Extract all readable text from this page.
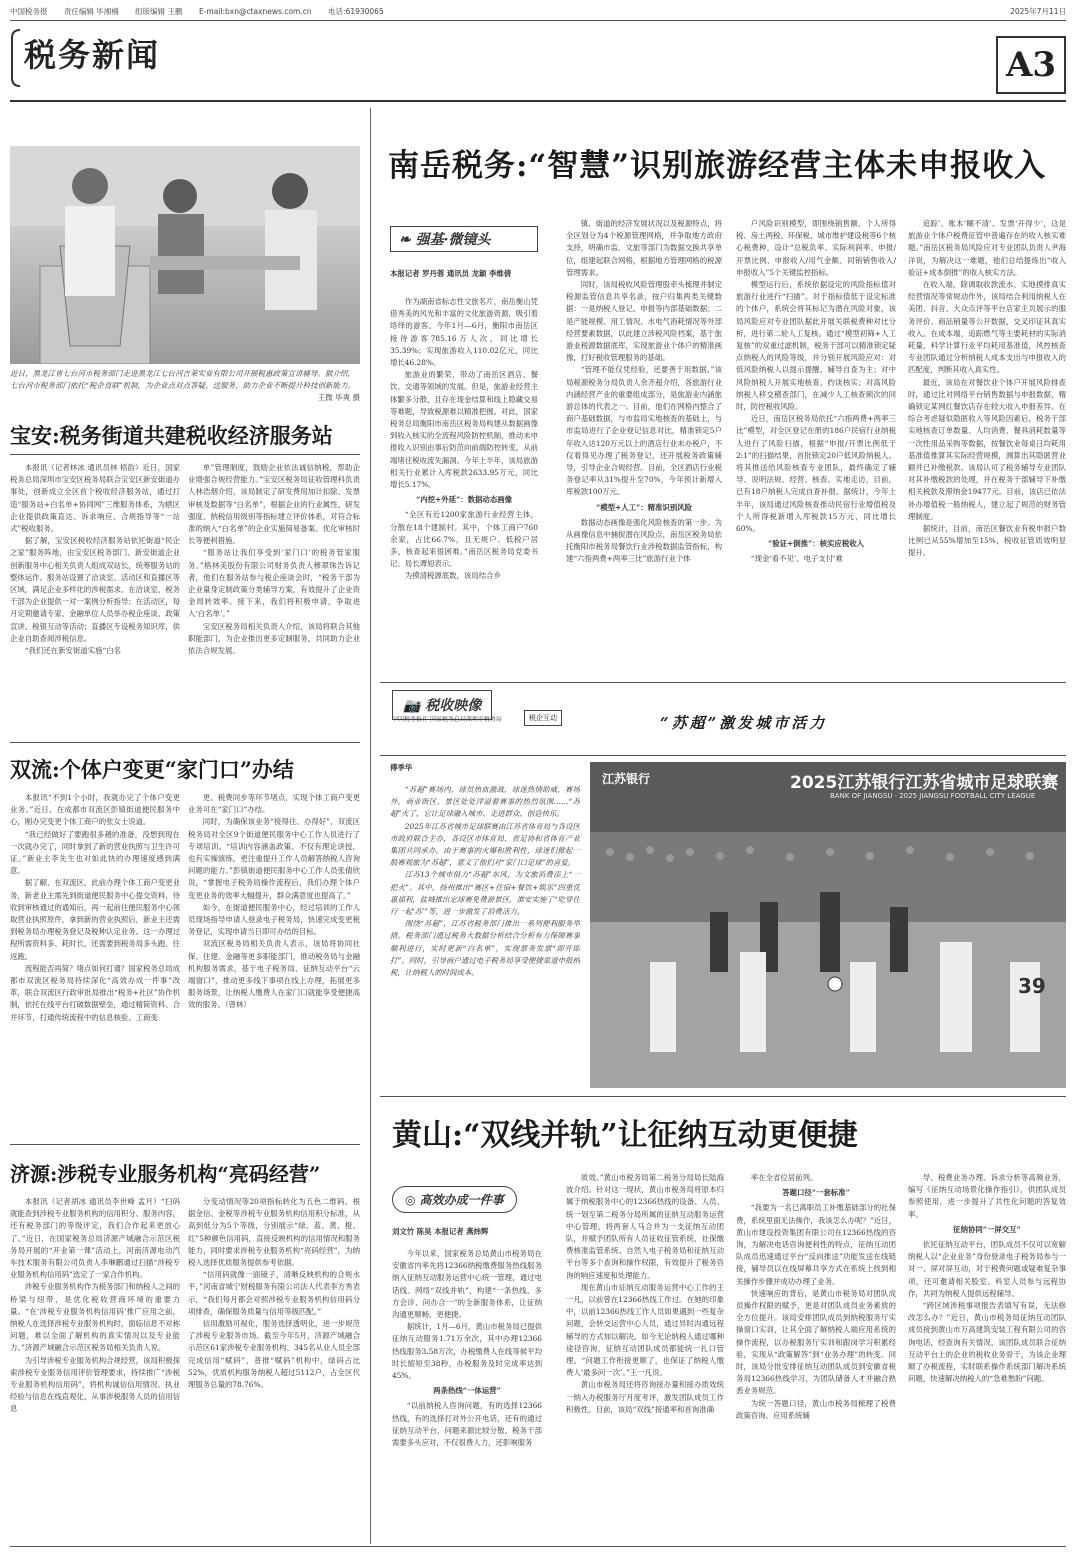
中国税务报 责任编辑 毕湘楠 组版编辑 王鹏 E-mail:bxn@ctaxnews.com.cn 电话:61930065	2025年7月11日
税务新闻	A3
近日，黑龙江省七台河市税务部门走进黑龙江七台河吉莱实业有限公司开展税惠政策宣讲辅导。据介绍，七台河市税务部门依托“税企直联”机制，为企业点对点答疑、送服务，助力企业不断提升科技创新能力。
王微 毕爽 摄
宝安:税务街道共建税收经济服务站

本报讯（记者林冰 通讯员林 梧韵）近日，国家税务总局深圳市宝安区税务局联合宝安区新安街道办事处，创新成立全区首个税收经济服务站，通过打造“服务站+白名单+协同网”三维服务体系，为辖区企业提供政策直达、诉求响应、合规指导等“一站式”税收服务。

据了解，宝安区税收经济服务站依托街道“民企之家”服务阵地，由宝安区税务部门、新安街道企业创新服务中心相关负责人组成双站长，统筹服务站的整体运作。服务站设置了洽谈室、活动区和直播区等区域，满足企业多样化的涉税需求。在洽谈室，税务干部为企业提供一对一案例分析指导；在活动区，每月定期邀请专家、金融单位人员举办税企座谈、政策宣讲、税银互动等活动；直播区专设税务知识库，供企业自助查阅涉税信息。

“我们还在新安街道实施“白名

单”管理制度，鼓励企业依法诚信纳税，帮助企业增强合规经营能力。”宝安区税务局征收管理科负责人林浩烟介绍，该局制定了研发费用加计扣除、发票审核及数据等“白名单”，根据企业的行业属性、研发强度、纳税信用级别等指标建立评价体系，对符合标准的纳入“白名单”的企业实施简易备案、优化审核时长等便利措施。

“服务站让我们享受到‘家门口’的税务管家服务。”格林美股份有限公司财务负责人穆翠珠告诉记者，他们在服务站参与税企座谈会时，“税务干部为企业量身定制政策分类辅导方案，有效提升了企业资金周转效率。接下来，我们将积极申请，争取进入‘白名单’。”

宝安区税务局相关负责人介绍，该局将联合其他职能部门，为企业推出更多定制服务，共同助力企业依法合规发展。

双流:个体户变更“家门口”办结

本报讯“不到1个小时，我就办完了个体户变更业务。”近日，在成都市双流区彭镇街道便民服务中心，刚办完变更个体工商户的张女士说道。

“我已经做好了要跑很多趟的准备，没想到现在一次就办完了，同时拿到了新的营业执照与卫生许可证。”新业主李先生也对如此快的办理速度感到满意。

据了解，在双流区，此前办理个体工商户变更业务，新老业主需先到街道便民服务中心提交资料，待收到审核通过的通知后，再一起前往便民服务中心领取营业执照原件，拿到新的营业执照后，新业主还需到税务局办理税务登记及税种认定业务。这一办理过程所需资料多、耗时长，还需要到税务局多头跑、往返跑。

流程能否再简？堵点如何打通？国家税务总局成都市双流区税务局持续深化“高效办成一件事”改革，联合双流区行政审批局推出“税务+社区”协作机制，依托在线平台打破数据壁垒，通过精简资料、合并环节，打通传统流程中的信息核验、工商变

更、税费同步等环节堵点，实现个体工商户变更业务可在“家门口”办结。

同时，为确保该业务“接得住、办得好”，双流区税务局对全区9个街道便民服务中心工作人员进行了专项培训。“培训内容涵盖政策、不仅有理论讲授，也有实操演练，更注重提升工作人员解答纳税人咨询问题的能力。”彭镇街道便民服务中心工作人员张倩欣说，“掌握电子税务局操作流程后，我们办理个体户变更业务的效率大幅提升，群众满意度也提高了。”

如今，在街道便民服务中心，经过培训的工作人员现场指导申请人登录电子税务局，快速完成变更税务登记，实现申请当日即可办结的目标。

双流区税务局相关负责人表示，该局将协同社保、住建、金融等更多职能部门，推动税务局与金融机构服务需求，基于电子税务局、征纳互动平台“云端窗口”，推动更多线下事项在线上办理，拓展更多服务场景，让纳税人缴费人在家门口就能享受便捷高效的服务。（曾林）

济源:涉税专业服务机构“亮码经营”

本报讯（记者胡冰 通讯员李世峰 孟月）“扫码就能查到涉税专业服务机构的信用积分、服务内容，还有税务部门的等级评定，我们合作起来更放心了。”近日，在国家税务总局济源产城融合示范区税务局开展的“开业第一课”活动上，河南济源电动汽车技术服务有限公司负责人李琳鹏通过扫描“涉税专业服务机构信用码”选定了一家合作机构。

涉税专业服务机构作为税务部门和纳税人之间的桥梁与纽带，是优化税收营商环境的重要力量。“在‘涉税专业服务机构信用码’推广应用之前，纳税人在选择涉税专业服务机构时，面临信息不对称问题，难以全面了解机构的真实情况以及专业能力。”济源产城融合示范区税务局相关负责人说。

为引导涉税专业服务机构合规经营，该局积极探索涉税专业服务信用评价管理要求，持续推广“涉税专业服务机构信用码”，将机构诚信信用情况、执业经验与信息在线直观化，从事涉税服务人员的信用信息

分变动情况等20项指标转化为五色二维码。根据金信、金税等涉税专业服务机构信用积分标准，从高到低分为5个等级，分别展示“绿、蓝、黄、橙、红”5种颜色信用码，直接反映机构的信用情况和服务能力，同时要求涉税专业服务机构“亮码经营”，为纳税人选择优质服务提供参考依据。

“信用码就像一面镜子，清晰反映机构的合规水平，”河南省城宁财税服务有限公司法人代表李方秀表示，“我们每月都会对照涉税专业服务机构信用码分项排查，确保服务质量与信用等级匹配。”

信用激励可视化，服务选择透明化，进一步规范了涉税专业服务市场。截至今年5月，济源产城融合示范区61家涉税专业服务机构、345名从业人员全部完成信用“赋码”，普推“赋码”机构中，绿码占比52%，优质机构服务纳税人超过5112户，占全区代理服务总量的78.76%。

南岳税务:“智慧”识别旅游经营主体未申报收入
❧ 强基·微镜头
本报记者 罗丹蓉 通讯员 龙颖 李维倩

作为湖南省标志性文旅名片，南岳衡山凭借秀美的风光和丰富的文化旅游资源，吸引着络绎的游客。今年1月—6月，衡阳市南岳区接待游客785.16万人次，同比增长35.39%；实现旅游收入110.02亿元，同比增长46.28%。

旅游业的繁荣，带动了南岳区酒店、餐饮、交通等领域的发展。但是，旅游业经营主体繁多分散，且存在现金结算和线上隐藏交易等难题，导致税源难以精准把握。对此，国家税务总局衡阳市南岳区税务局构建从数据画像到收入核实的全流程风险防控机制，推动未申报收入识别由事后防范向前端防控转变，从前端堵住税收流失漏洞。今年上半年，该局旅游相关行业累计入库税款2633.95万元，同比增长5.17%。

“内挖+外延”：数据动态画像

“全区有近1200家旅游行业经营主体，分散在18个建制村。其中，个体工商户760余家，占比66.7%，且无规户、低税户居多，核查起来很困难。”南岳区税务局党委书记、局长谭旭表示。

为摸清税源底数，该局结合乡

镇、街道的经济发展状况以及税源特点，将全区划分为4个税源管理网格，并争取地方政府支持，明确市监、文旅等部门为数据交换共享单位，组建起联合网格，根据地方管理网格的税源管理需求。

同时，该局税收风险管理股牵头梳理并制定税源监管信息共享名录，按户归集两类关键数据：一是纳税人登记、申报等内部基础数据；二是产能规模、用工情况、水电气消耗情况等外部经营要素数据，以此建立涉税风险档案，基于旅游业税源数据底库，实现旅游业个体户的精准画像，打好税收管理服务的基础。

“管理不能仅凭经验，还要善于用数据。”该局税源税务分局负责人余齐超介绍，各旅游行业内涵经营产业的重要组成部分，是旅游业内涵旅游总体的代表之一。目前，他们在网格内整合了商户基础数据，与市监局实地核查的基础上，与市监局进行了企业登记信息对比，精准锁定5户年收入达120万元以上的酒店行业未办税户，不仅看得见办理了税务登记，还开展税务政策辅导，引导企业合规经营。目前，全区酒店行业税务登记率从31%提升至70%，今年预计新增入库税款100万元。

“模型+人工”：精准识别风险

数据动态画像是强化风险核查的第一步。为从画像信息中捕捉潜在风险点，南岳区税务局依托衡阳市税务局餐饮行业涉税数据监管指标，构建“六指两费+两率三比”旅游行业个体

户风险识别模型，即围绕销售额、个人所得税、房土两税、环保税、城市维护建设税等6个核心税费种，设计“总税负率、实际利润率、申报/开票比例、申报收入/用气金额、同销销售收入/申报收入”5个关键监控指标。

模型运行后，系统依据设定的风险指标值对旅游行业进行“扫描”。对于指标值低于设定标准的个体户，系统会将其标记为潜在风险对象，该局风险应对专业团队据此开展关联税费种对比分析，进行第二轮人工复核。通过“模型初筛+人工复核”的双重过滤机制，税务干部可以精准锁定疑点纳税人的风险等级，并分别开展风险应对：对低风险纳税人以提示提醒、辅导自查为主；对中风险纳税人开展实地核查、约谈核实；对高风险纳税人移交稽查部门，在减少人工核查频次的同时，防控税收风险。

近日，南岳区税务局依托“六指两费+两率三比”模型，对全区登记在册的186户民宿行业纳税人进行了风险扫描，根据“申报/开票比例低于2:1”的扫描结果，首批锁定20户低风险纳税人。将其推送给风险核查专业团队，最终确定了辅导、说明法规、经营、核查、实地走访，目前，已有18户纳税人完成自查补报。据统计，今年上半年，该局通过风险核查推动民宿行业增值税及个人所得税新增入库税款15万元，同比增长60%。

“验证+倒推”：核实应税收入

“现金‘看不见’、电子支付‘难

追踪’、账本‘糊不清’、发票‘开得少’，这是旅游业个体户税费征管中普遍存在的收入核实难题。”南岳区税务局风险应对专业团队负责人尹海洋说，为解决这一难题，他们总结提炼出“收入验证+成本倒推”的收入核实方法。

在收入端，除调取收款流水、实地摸排真实经营情况等常规动作外，该局结合利用纳税人在美团、抖音、大众点评等平台店家主页展示的服务评价、商品销量等公开数据，交叉印证其真实收入。在成本端，追踪燃气等主要耗材的实际消耗量，科学计算行业平均耗用基准值，风控核查专业团队通过分析纳税人成本支出与申报收入的匹配度，判断其收入真实性。

最近，该局在对餐饮业个体户开展风险排查时，通过比对网络平台销售数据与申报数据，精确锁定某网红餐饮店存在较大收入申报差异。在综合考虑疑似隐匿收入等风险因素后，税务干部实地核查订单数量、人均消费、餐具消耗数量等一次性用品采购等数据，按餐饮业每桌日均耗用基准值推算其实际经营规模，测算出其隐匿营业额并已补缴税款。该局认可了税务辅导专业团队对其补缴税款的处理，并在税务干部辅导下补缴相关税款及滞纳金19477元。目前，该店已依法补办增值税一般纳税人，建立起了规范的财务管理制度。

据统计，目前，南岳区餐饮业有税申报户数比例已从55%增加至15%，税收征管质效明显提升。

📷 税收映像
中国税务报社 国家税务总局深圳市税务局	税企互动	“苏超”激发城市活力
傅季华

“苏超”赛场内，球员热血激战，球迷热情助威，赛场外，商业街区、景区处处洋溢着赛事的热烈氛围……“苏超”火了，它让足球融入城市、走进群众、创造快乐。

2025年江苏省城市足球联赛由江苏省体育局与各设区市政府联合主办，各设区市体育局、省足协和省体育产业集团共同承办。由于赛事的火爆和胜利性，球迷们掀起一股赛观旅为“苏超”，意义了他们对“家门口足球”的喜爱。

江苏13个城市借力“苏超”东风，为文旅消费添上“一把火”。其中，扬州推出“赛区+住宿+餐饮+娱乐”四重优惠福利，盐城推出定球赛免费游景区，淮安实施了“吃穿住行一起‘苏’”等，进一步激发了消费活力。

围绕“苏超”，江苏省税务部门推出一系列便利服务举措。税务部门通过税务大数据分析结合分析有力保障赛事顺利进行，实时更新“白名单”，实现票务发票“即开即打”。同时，引导商户通过电子税务局享受便捷渠道申报纳税，让纳税人的时间成本。

江苏银行	2025江苏银行江苏省城市足球联赛
BANK OF JIANGSU · 2025 JIANGSU FOOTBALL CITY LEAGUE
39
黄山:“双线并轨”让征纳互动更便捷
◎ 高效办成一件事
刘文竹 陈昊 本报记者 燕炜辉

今年以来，国家税务总局黄山市税务局在安徽省内率先将12366纳税缴费服务热线服务纳入征纳互动服务运营中心统一管理，通过电话线、网络“双线并轨”，构建“一条热线、多方会诊、问办合一”的全新服务体系，让征纳沟通更顺畅、更便捷。

据统计，1月—6月，黄山市税务局已提供征纳互动服务1.71万余次，其中办理12366热线服务3.58万次，办税缴费人在线等候平均时长缩短至38秒，办税服务及时完成率达到45%。

两条热线“一体运营”

“以前纳税人咨询问题，有的选择12366热线，有的选择打对外公开电话，还有的通过征纳互动平台，问题来源比较分散。税务干部需要多头应对，不仅很费人力，还影响服务

质效。”黄山市税务局第二税务分局局长陆海波介绍。针对这一现状，黄山市税务局将原本归属于纳税服务中心的12366热线的设备、人员、统一划至第二税务分局所属的征纳互动服务运营中心管理，将两套人马合并为一支征纳互动团队，并赋予团队所有人员征收征管系统、社保缴费核准监管系统、自然人电子税务局和征纳互动平台等多个查询和操作权限，有效提升了税务咨询的响应速度和处理能力。

现在黄山市征纳互动服务运营中心工作的王一凡，以前曾在12366热线工作过。在她的印象中，以前12366热线工作人员如果遇到一些复杂问题，会转交运营中心人员，通过异时沟通远程辅导的方式加以解决。如今无论纳税人通过哪种途径咨询，征纳互动团队成员都能统一扎口管理。“问题工作衔接更顺了，也保证了纳税人缴费人‘最多问一次’。”王一凡说。

黄山市税务局还将咨询接办量和接办质效统一纳入办税服务厅月度考评，激发团队成员工作积极性。目前，该局“双线”接通率和首询准确

率在全省位居前列。

答题口径“一套标准”

“我要为一名已离职员工补缴基础部分的社保费，系统里面无法操作，我该怎么办呢？”近日，黄山市建设投资集团有限公司在12366热线的咨询，为解决电话咨询便利性的特点，征纳互动团队成员迅速通过平台“反向推送”功能发送在线链接，辅导员以在线屏幕共享方式在系统上找到相关操作步骤并成功办理了业务。

快速响应的背后，是黄山市税务局对团队成员操作权限的赋予，更是对团队成员业务素质的全方位提升。该局安排团队成员到纳税服务厅实操窗口实训，让其全面了解纳税人端应用系统的操作流程，以办税服务厅实训和跟岗学习积累经验，实现从“政策解答”到“业务办理”的转变。同时，该局分批安排征纳互动团队成员到安徽省税务局12366热线学习，为团队储备人才并融合熟悉业务规范。

为统一答题口径，黄山市税务局梳理了税费政策咨询、应用系统辅

导、税费业务办理、诉求分析等高频业务，编写《征纳互动场景化操作指引》，供团队成员参照使用，进一步提升了共性化问题的答复效率。

征纳协同“一屏交互”

依托征纳互动平台，团队成员不仅可以宽解纳税人以“企业业务”身份登录电子税务局参与一对一、屏对屏互动，对于税费问题或疑难复杂事项，还可邀请相关股室、科室人员参与远程协作，共同为纳税人提供远程辅导。

“跨区域涉税事项报告表填写有误，无法修改怎么办？”近日，黄山市税务局征纳互动团队成员接到黄山市万高建筑安装工程有限公司的咨询电话，经查询有关情况，该团队成员联合征纳互动平台上的企业的税收业务骨干，为该企业理顺了办税流程，实时联系操作系统部门解决系统问题，快速解决纳税人的“急难愁盼”问题。
